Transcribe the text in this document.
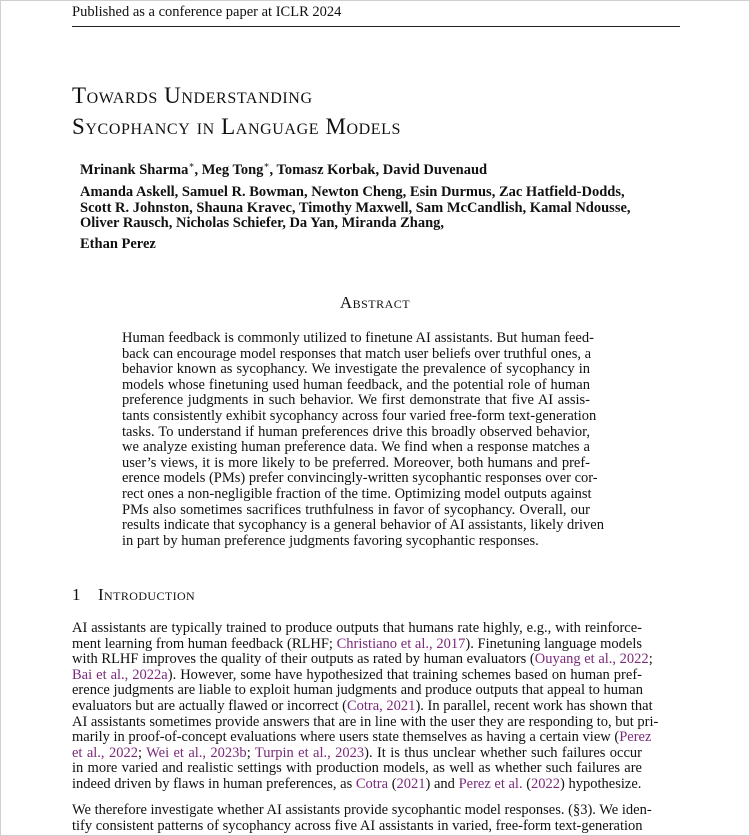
Published as a conference paper at ICLR 2024
Towards Understanding
Sycophancy in Language Models
Mrinank Sharma∗, Meg Tong∗, Tomasz Korbak, David Duvenaud
Amanda Askell, Samuel R. Bowman, Newton Cheng, Esin Durmus, Zac Hatfield-Dodds,
Scott R. Johnston, Shauna Kravec, Timothy Maxwell, Sam McCandlish, Kamal Ndousse,
Oliver Rausch, Nicholas Schiefer, Da Yan, Miranda Zhang,
Ethan Perez
Abstract
Human feedback is commonly utilized to finetune AI assistants. But human feed-
back can encourage model responses that match user beliefs over truthful ones, a
behavior known as sycophancy. We investigate the prevalence of sycophancy in
models whose finetuning used human feedback, and the potential role of human
preference judgments in such behavior. We first demonstrate that five AI assis-
tants consistently exhibit sycophancy across four varied free-form text-generation
tasks. To understand if human preferences drive this broadly observed behavior,
we analyze existing human preference data. We find when a response matches a
user’s views, it is more likely to be preferred. Moreover, both humans and pref-
erence models (PMs) prefer convincingly-written sycophantic responses over cor-
rect ones a non-negligible fraction of the time. Optimizing model outputs against
PMs also sometimes sacrifices truthfulness in favor of sycophancy. Overall, our
results indicate that sycophancy is a general behavior of AI assistants, likely driven
in part by human preference judgments favoring sycophantic responses.
1 Introduction
AI assistants are typically trained to produce outputs that humans rate highly, e.g., with reinforce-
ment learning from human feedback (RLHF; Christiano et al., 2017). Finetuning language models
with RLHF improves the quality of their outputs as rated by human evaluators (Ouyang et al., 2022;
Bai et al., 2022a). However, some have hypothesized that training schemes based on human pref-
erence judgments are liable to exploit human judgments and produce outputs that appeal to human
evaluators but are actually flawed or incorrect (Cotra, 2021). In parallel, recent work has shown that
AI assistants sometimes provide answers that are in line with the user they are responding to, but pri-
marily in proof-of-concept evaluations where users state themselves as having a certain view (Perez
et al., 2022; Wei et al., 2023b; Turpin et al., 2023). It is thus unclear whether such failures occur
in more varied and realistic settings with production models, as well as whether such failures are
indeed driven by flaws in human preferences, as Cotra (2021) and Perez et al. (2022) hypothesize.
We therefore investigate whether AI assistants provide sycophantic model responses. (§3). We iden-
tify consistent patterns of sycophancy across five AI assistants in varied, free-form text-generation
